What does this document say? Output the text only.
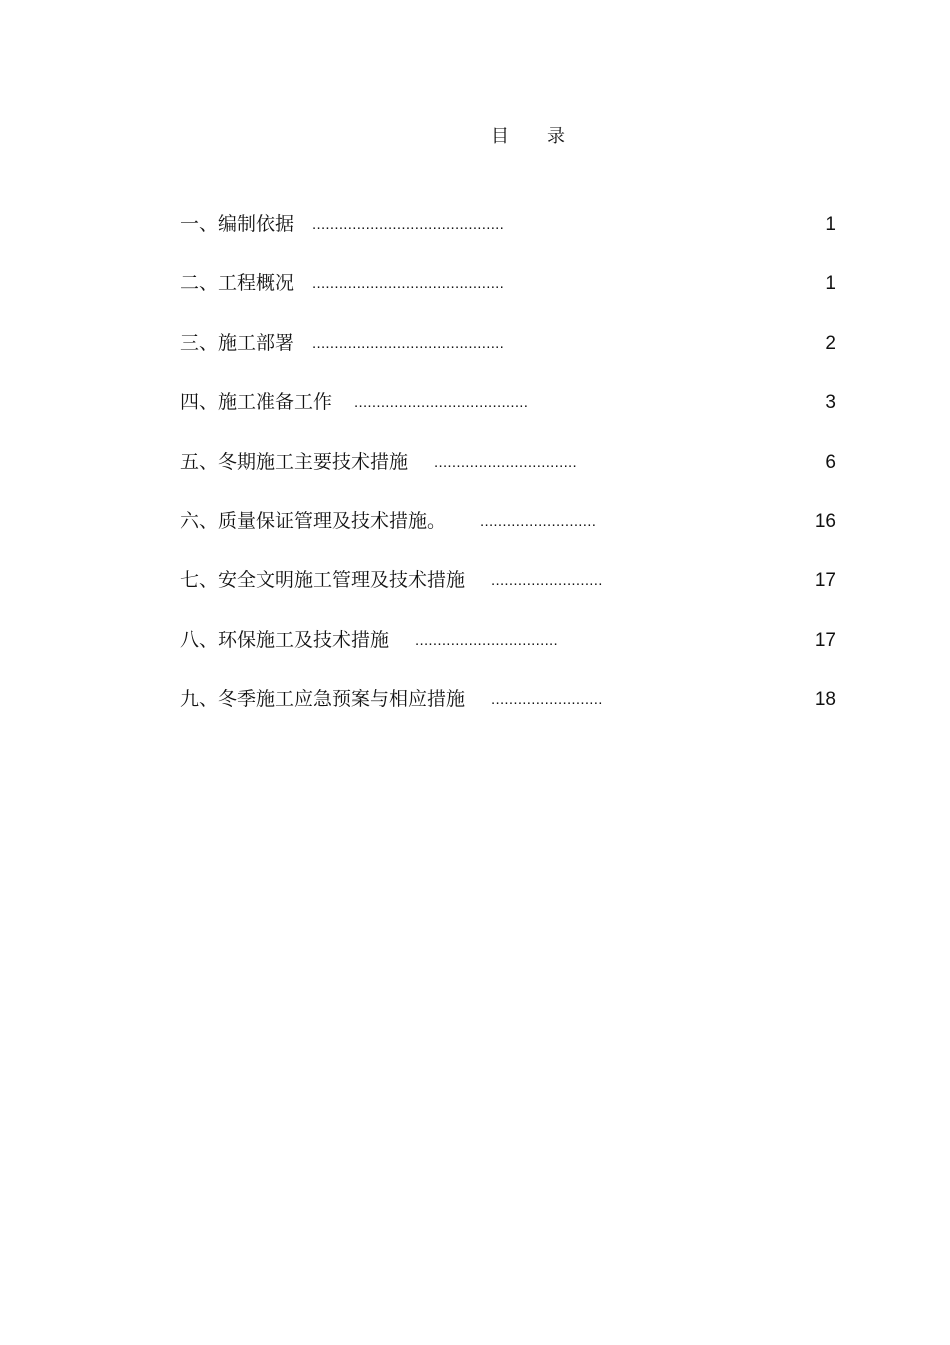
目 录
一、编制依据 ...........................................	1
二、工程概况 ...........................................	1
三、施工部署 ...........................................	2
四、施工准备工作 .......................................	3
五、冬期施工主要技术措施 ................................	6
六、质量保证管理及技术措施。 ..........................	16
七、安全文明施工管理及技术措施 .........................	17
八、环保施工及技术措施 ................................	17
九、冬季施工应急预案与相应措施 .........................	18
